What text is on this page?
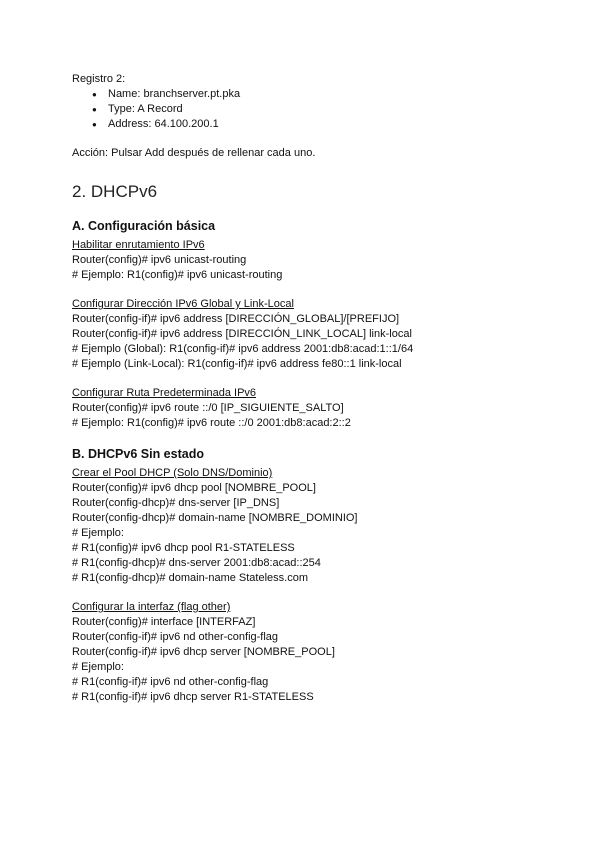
Registro 2:
● Name: branchserver.pt.pka
● Type: A Record
● Address: 64.100.200.1
Acción: Pulsar Add después de rellenar cada uno.
2. DHCPv6
A. Configuración básica
Habilitar enrutamiento IPv6
Router(config)# ipv6 unicast-routing
# Ejemplo: R1(config)# ipv6 unicast-routing
Configurar Dirección IPv6 Global y Link-Local
Router(config-if)# ipv6 address [DIRECCIÓN_GLOBAL]/[PREFIJO]
Router(config-if)# ipv6 address [DIRECCIÓN_LINK_LOCAL] link-local
# Ejemplo (Global): R1(config-if)# ipv6 address 2001:db8:acad:1::1/64
# Ejemplo (Link-Local): R1(config-if)# ipv6 address fe80::1 link-local
Configurar Ruta Predeterminada IPv6
Router(config)# ipv6 route ::/0 [IP_SIGUIENTE_SALTO]
# Ejemplo: R1(config)# ipv6 route ::/0 2001:db8:acad:2::2
B. DHCPv6 Sin estado
Crear el Pool DHCP (Solo DNS/Dominio)
Router(config)# ipv6 dhcp pool [NOMBRE_POOL]
Router(config-dhcp)# dns-server [IP_DNS]
Router(config-dhcp)# domain-name [NOMBRE_DOMINIO]
# Ejemplo:
# R1(config)# ipv6 dhcp pool R1-STATELESS
# R1(config-dhcp)# dns-server 2001:db8:acad::254
# R1(config-dhcp)# domain-name Stateless.com
Configurar la interfaz (flag other)
Router(config)# interface [INTERFAZ]
Router(config-if)# ipv6 nd other-config-flag
Router(config-if)# ipv6 dhcp server [NOMBRE_POOL]
# Ejemplo:
# R1(config-if)# ipv6 nd other-config-flag
# R1(config-if)# ipv6 dhcp server R1-STATELESS
